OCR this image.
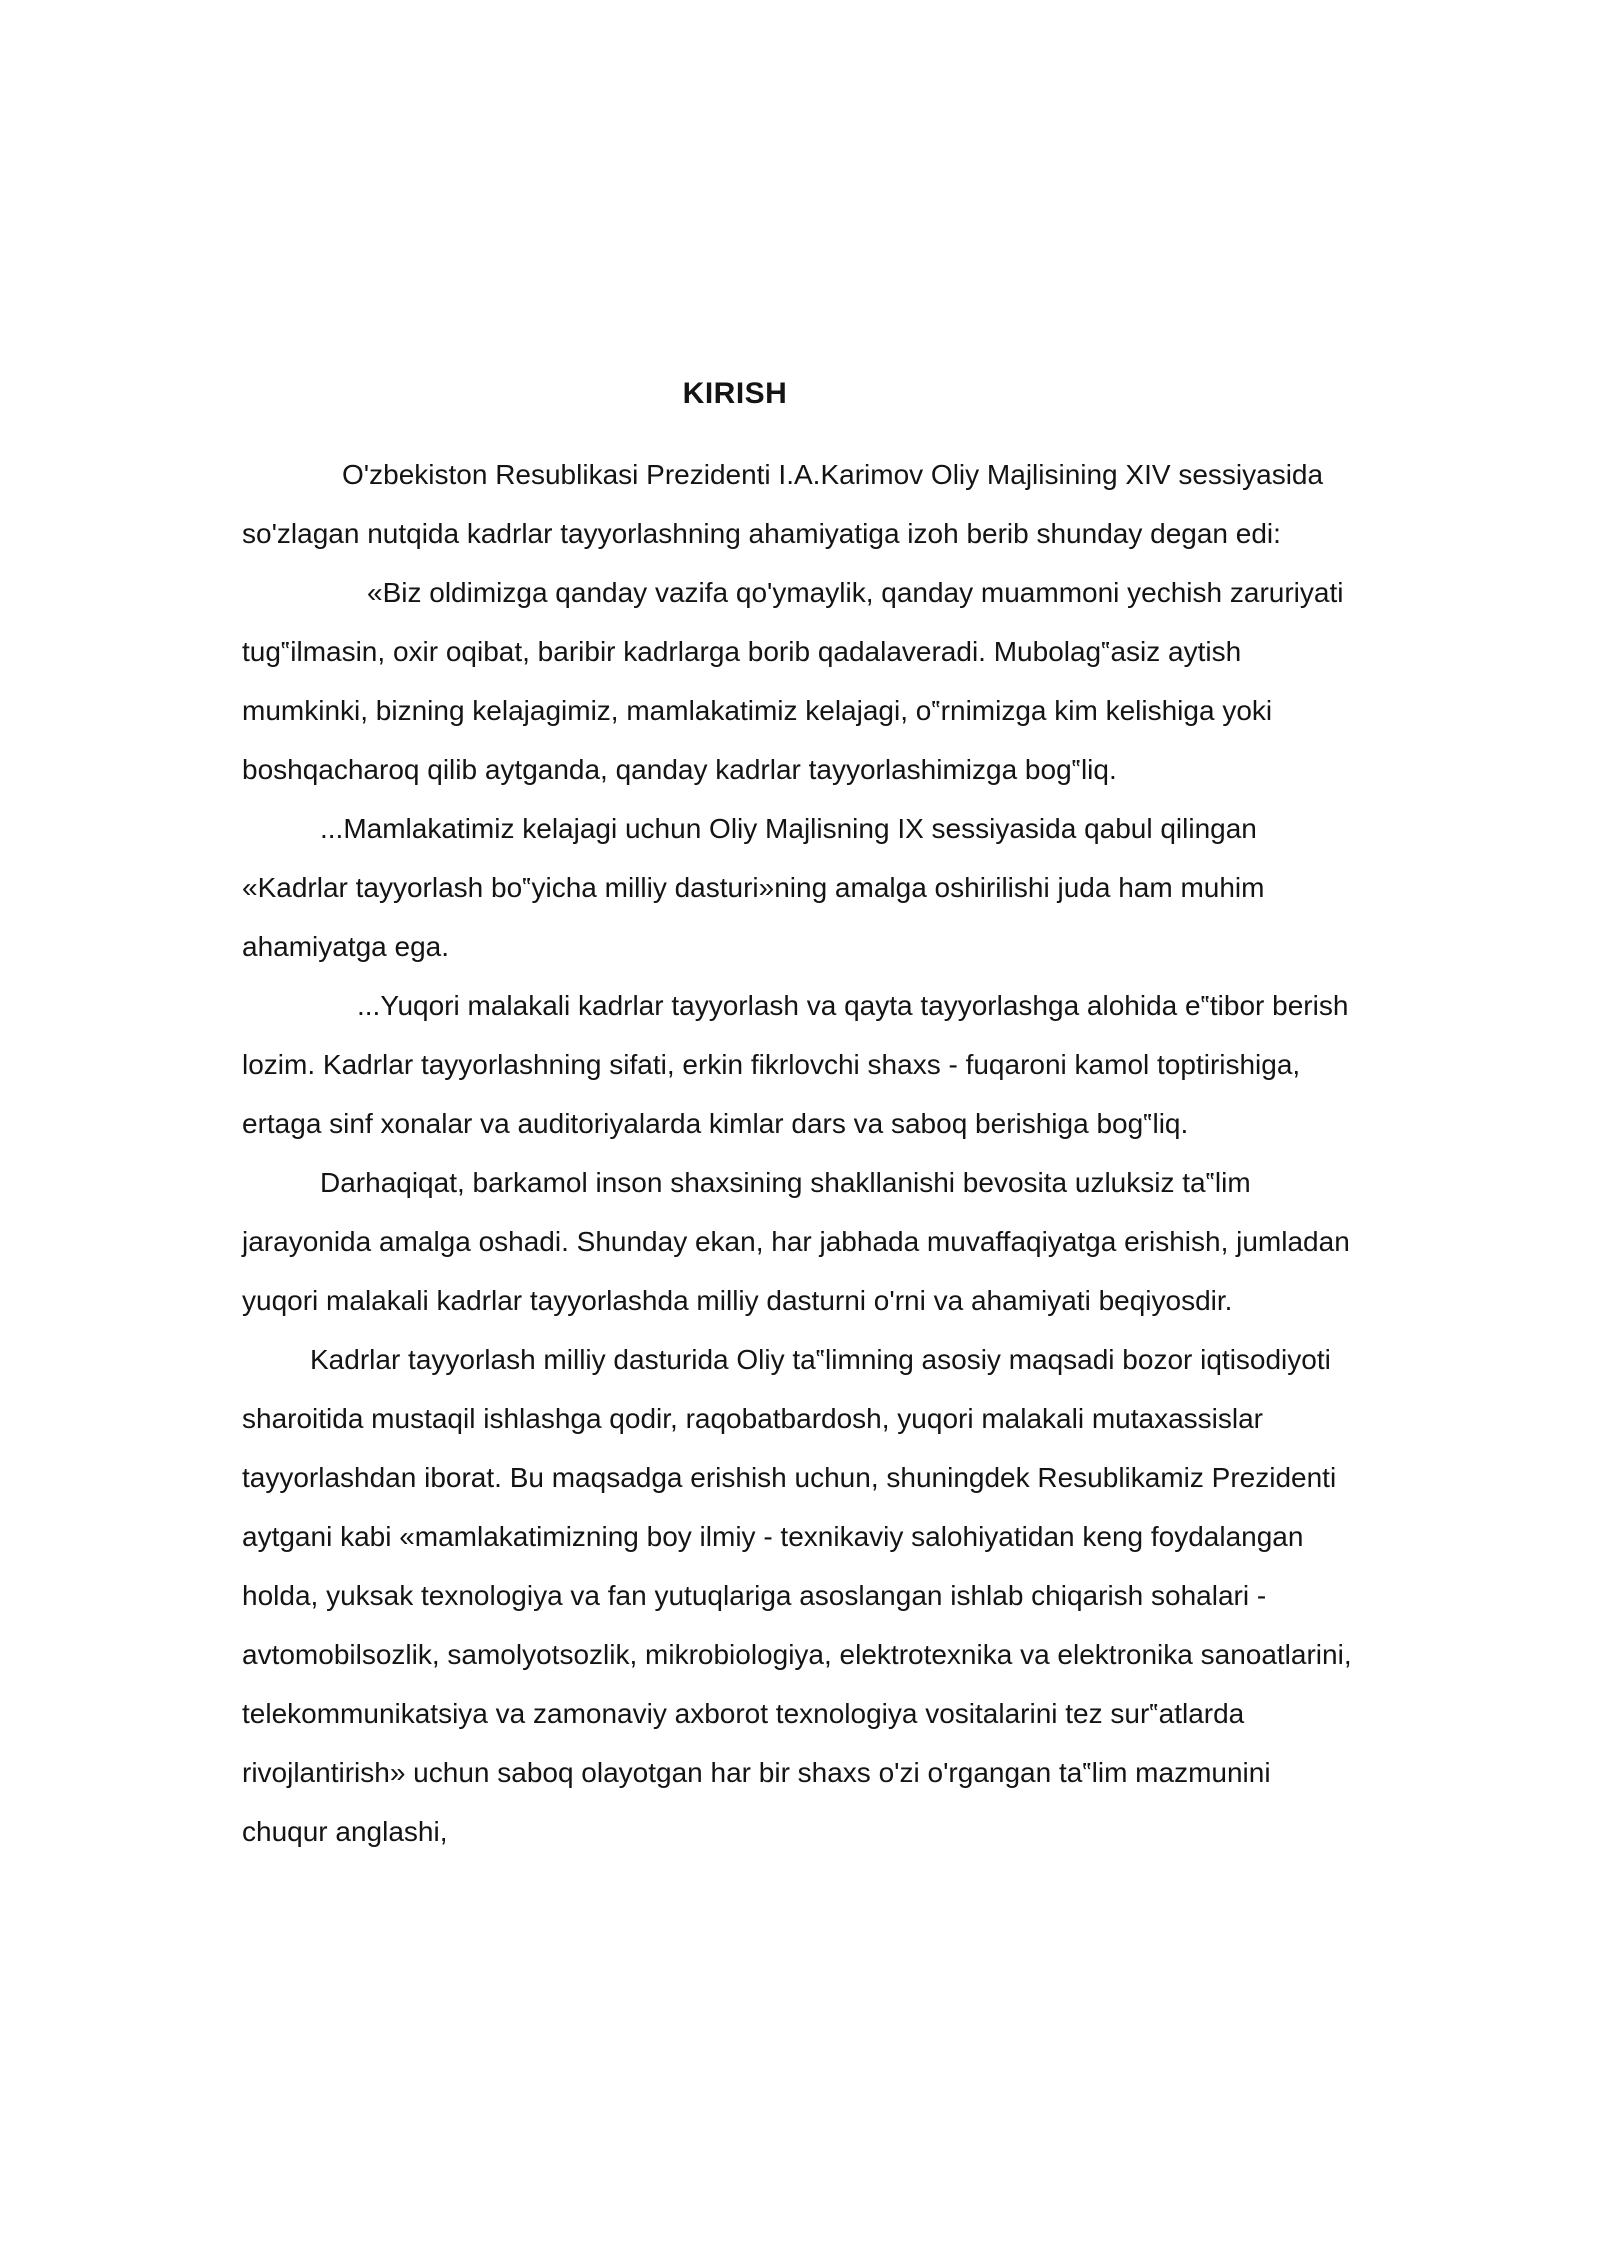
KIRISH

O'zbekiston Resublikasi Prezidenti I.A.Karimov Oliy Majlisining XIV sessiyasida so'zlagan nutqida kadrlar tayyorlashning ahamiyatiga izoh berib shunday degan edi:

«Biz oldimizga qanday vazifa qo'ymaylik, qanday muammoni yechish zaruriyati tug‟ilmasin, oxir oqibat, baribir kadrlarga borib qadalaveradi. Mubolag‟asiz aytish mumkinki, bizning kelajagimiz, mamlakatimiz kelajagi, o‟rnimizga kim kelishiga yoki boshqacharoq qilib aytganda, qanday kadrlar tayyorlashimizga bog‟liq.

...Mamlakatimiz kelajagi uchun Oliy Majlisning IX sessiyasida qabul qilingan «Kadrlar tayyorlash bo‟yicha milliy dasturi»ning amalga oshirilishi juda ham muhim ahamiyatga ega.

...Yuqori malakali kadrlar tayyorlash va qayta tayyorlashga alohida e‟tibor berish lozim. Kadrlar tayyorlashning sifati, erkin fikrlovchi shaxs - fuqaroni kamol toptirishiga, ertaga sinf xonalar va auditoriyalarda kimlar dars va saboq berishiga bog‟liq.

Darhaqiqat, barkamol inson shaxsining shakllanishi bevosita uzluksiz ta‟lim jarayonida amalga oshadi. Shunday ekan, har jabhada muvaffaqiyatga erishish, jumladan yuqori malakali kadrlar tayyorlashda milliy dasturni o'rni va ahamiyati beqiyosdir.

Kadrlar tayyorlash milliy dasturida Oliy ta‟limning asosiy maqsadi bozor iqtisodiyoti sharoitida mustaqil ishlashga qodir, raqobatbardosh, yuqori malakali mutaxassislar tayyorlashdan iborat. Bu maqsadga erishish uchun, shuningdek Resublikamiz Prezidenti aytgani kabi «mamlakatimizning boy ilmiy - texnikaviy salohiyatidan keng foydalangan holda, yuksak texnologiya va fan yutuqlariga asoslangan ishlab chiqarish sohalari - avtomobilsozlik, samolyotsozlik, mikrobiologiya, elektrotexnika va elektronika sanoatlarini, telekommunikatsiya va zamonaviy axborot texnologiya vositalarini tez sur‟atlarda rivojlantirish» uchun saboq olayotgan har bir shaxs o'zi o'rgangan ta‟lim mazmunini chuqur anglashi,
